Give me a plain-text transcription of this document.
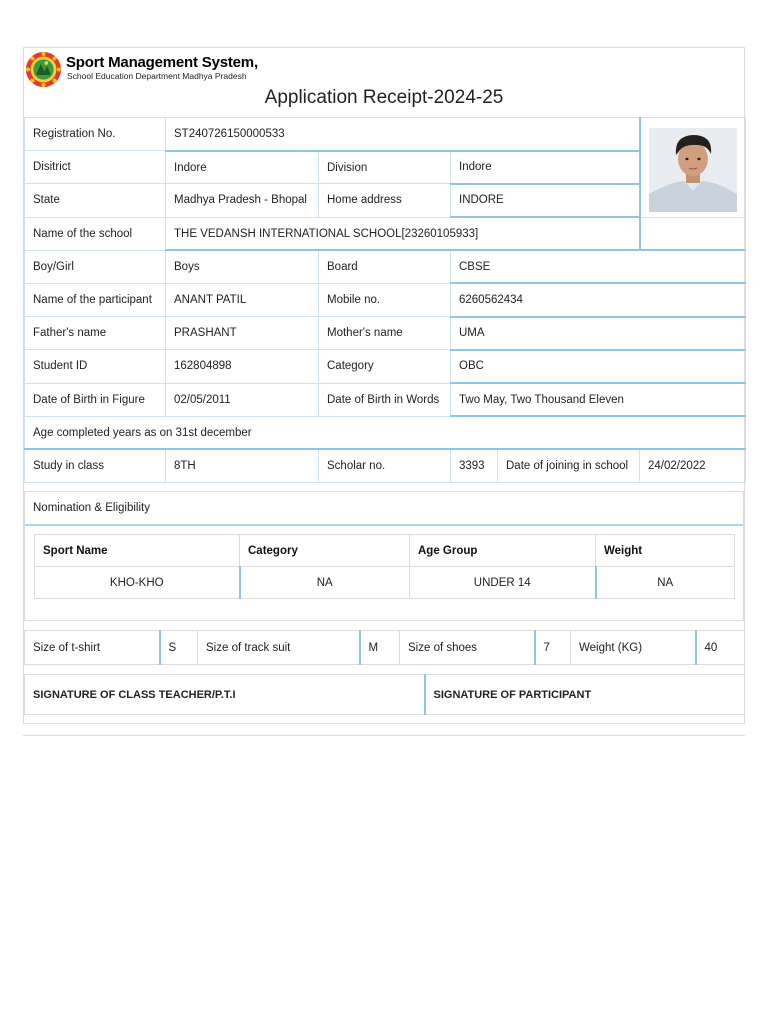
Sport Management System,
School Education Department Madhya Pradesh
Application Receipt-2024-25
Registration No.	ST240726150000533	

Disitrict	Indore	Division	Indore		
State	Madhya Pradesh - Bhopal	Home address	INDORE		
Name of the school	THE VEDANSH INTERNATIONAL SCHOOL[23260105933]				
Boy/Girl	Boys	Board	CBSE		
Name of the participant	ANANT PATIL	Mobile no.	6260562434		
Father's name	PRASHANT	Mother's name	UMA		
Student ID	162804898	Category	OBC		
Date of Birth in Figure	02/05/2011	Date of Birth in Words	Two May, Two Thousand Eleven		
Age completed years as on 31st december					
Study in class	8TH	Scholar no.	3393	Date of joining in school	24/02/2022
Nomination & Eligibility
Sport Name	Category	Age Group	Weight
KHO-KHO	NA	UNDER 14	NA
Size of t-shirt	S	Size of track suit	M	Size of shoes	7	Weight (KG)	40
SIGNATURE OF CLASS TEACHER/P.T.I	SIGNATURE OF PARTICIPANT
